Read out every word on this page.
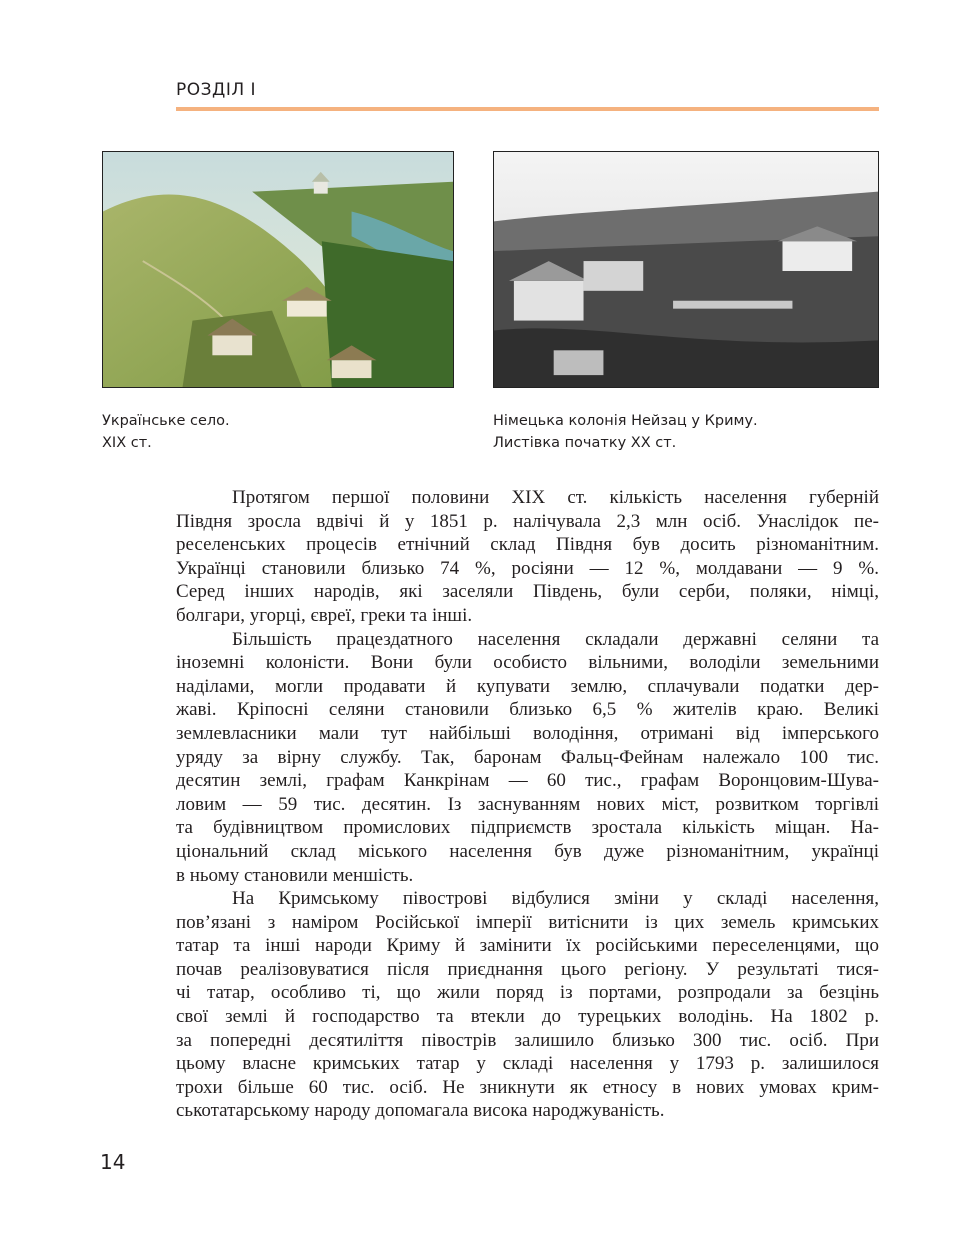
РОЗДІЛ I
Українське село.
XIX ст.
Німецька колонія Нейзац у Криму.
Листівка початку XX ст.

Протягом першої половини XIX ст. кількість населення губерній
Півдня зросла вдвічі й у 1851 р. налічувала 2,3 млн осіб. Унаслідок пе-
реселенських процесів етнічний склад Півдня був досить різноманітним.
Українці становили близько 74 %, росіяни — 12 %, молдавани — 9 %.
Серед інших народів, які заселяли Південь, були серби, поляки, німці,
болгари, угорці, євреї, греки та інші.

Більшість працездатного населення складали державні селяни та
іноземні колоністи. Вони були особисто вільними, володіли земельними
наділами, могли продавати й купувати землю, сплачували податки дер-
жаві. Кріпосні селяни становили близько 6,5 % жителів краю. Великі
землевласники мали тут найбільші володіння, отримані від імперського
уряду за вірну службу. Так, баронам Фальц-Фейнам належало 100 тис.
десятин землі, графам Канкрінам — 60 тис., графам Воронцовим-Шува-
ловим — 59 тис. десятин. Із заснуванням нових міст, розвитком торгівлі
та будівництвом промислових підприємств зростала кількість міщан. На-
ціональний склад міського населення був дуже різноманітним, українці
в ньому становили меншість.

На Кримському півострові відбулися зміни у складі населення,
пов’язані з наміром Російської імперії витіснити із цих земель кримських
татар та інші народи Криму й замінити їх російськими переселенцями, що
почав реалізовуватися після приєднання цього регіону. У результаті тися-
чі татар, особливо ті, що жили поряд із портами, розпродали за безцінь
свої землі й господарство та втекли до турецьких володінь. На 1802 р.
за попередні десятиліття півострів залишило близько 300 тис. осіб. При
цьому власне кримських татар у складі населення у 1793 р. залишилося
трохи більше 60 тис. осіб. Не зникнути як етносу в нових умовах крим-
ськотатарському народу допомагала висока народжуваність.

14
